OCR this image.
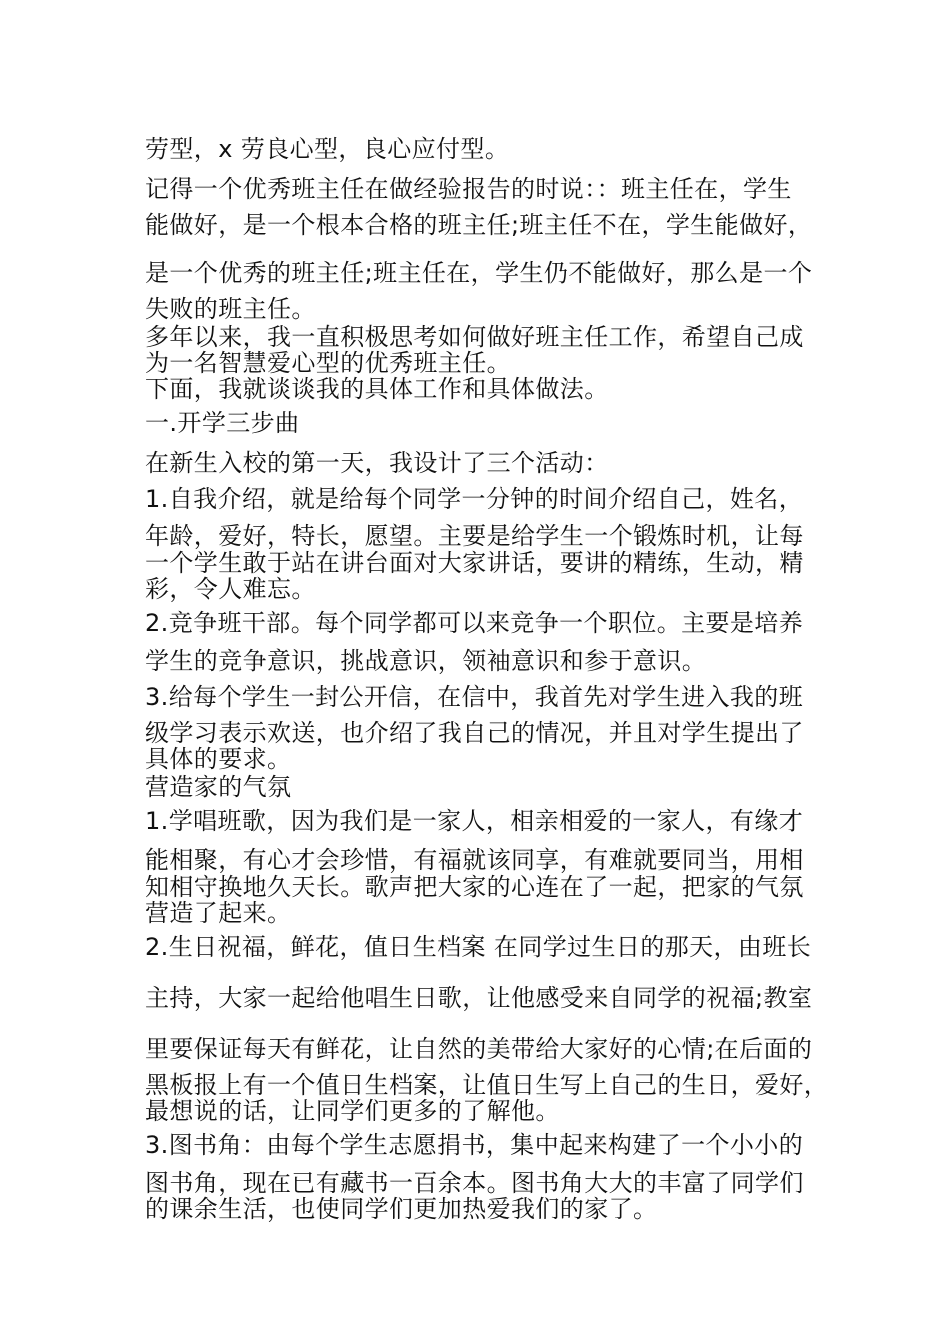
劳型，x 劳良心型，良心应付型。
记得一个优秀班主任在做经验报告的时说：：班主任在，学生
能做好，是一个根本合格的班主任;班主任不在，学生能做好，
是一个优秀的班主任;班主任在，学生仍不能做好，那么是一个
失败的班主任。
多年以来，我一直积极思考如何做好班主任工作，希望自己成
为一名智慧爱心型的优秀班主任。
下面，我就谈谈我的具体工作和具体做法。
一.开学三步曲
在新生入校的第一天，我设计了三个活动：
1.自我介绍，就是给每个同学一分钟的时间介绍自己，姓名，
年龄，爱好，特长，愿望。主要是给学生一个锻炼时机，让每
一个学生敢于站在讲台面对大家讲话，要讲的精练，生动，精
彩，令人难忘。
2.竞争班干部。每个同学都可以来竞争一个职位。主要是培养
学生的竞争意识，挑战意识，领袖意识和参于意识。
3.给每个学生一封公开信，在信中，我首先对学生进入我的班
级学习表示欢送，也介绍了我自己的情况，并且对学生提出了
具体的要求。
营造家的气氛
1.学唱班歌，因为我们是一家人，相亲相爱的一家人，有缘才
能相聚，有心才会珍惜，有福就该同享，有难就要同当，用相
知相守换地久天长。歌声把大家的心连在了一起，把家的气氛
营造了起来。
2.生日祝福，鲜花，值日生档案 在同学过生日的那天，由班长
主持，大家一起给他唱生日歌，让他感受来自同学的祝福;教室
里要保证每天有鲜花，让自然的美带给大家好的心情;在后面的
黑板报上有一个值日生档案，让值日生写上自己的生日，爱好，
最想说的话，让同学们更多的了解他。
3.图书角：由每个学生志愿捐书，集中起来构建了一个小小的
图书角，现在已有藏书一百余本。图书角大大的丰富了同学们
的课余生活，也使同学们更加热爱我们的家了。
